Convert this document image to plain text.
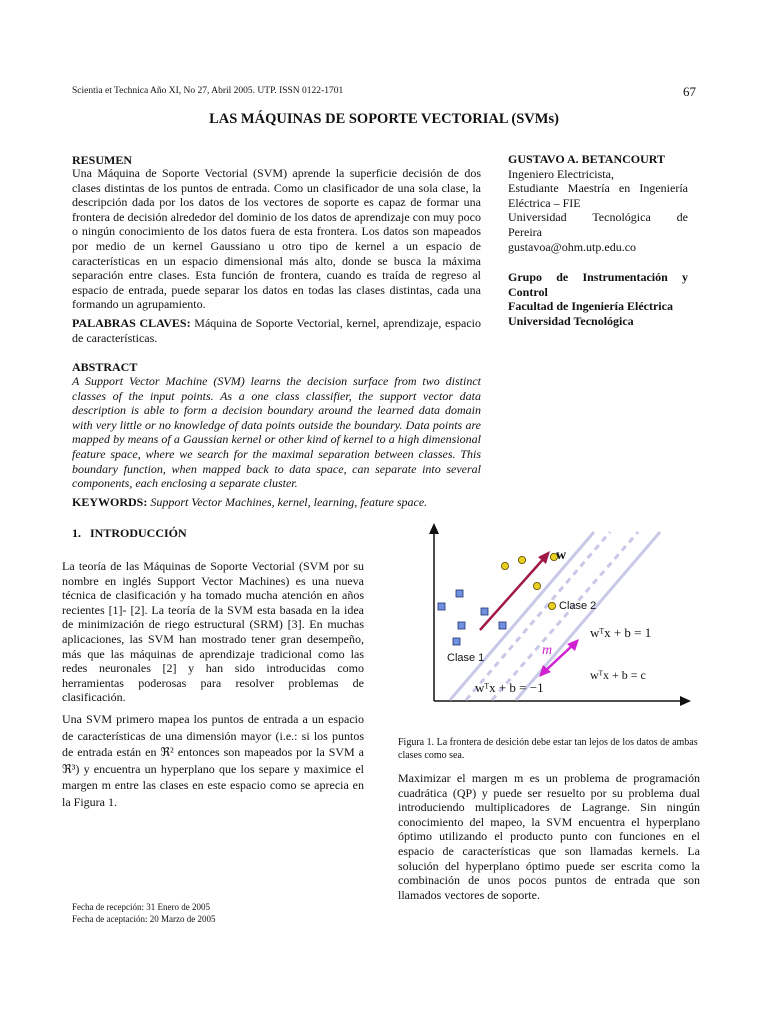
Scientia et Technica Año XI, No 27, Abril 2005. UTP. ISSN 0122-1701	67
LAS MÁQUINAS DE SOPORTE VECTORIAL (SVMs)
RESUMEN
Una Máquina de Soporte Vectorial (SVM) aprende la superficie decisión de dos clases distintas de los puntos de entrada. Como un clasificador de una sola clase, la descripción dada por los datos de los vectores de soporte es capaz de formar una frontera de decisión alrededor del dominio de los datos de aprendizaje con muy poco o ningún conocimiento de los datos fuera de esta frontera. Los datos son mapeados por medio de un kernel Gaussiano u otro tipo de kernel a un espacio de características en un espacio dimensional más alto, donde se busca la máxima separación entre clases. Esta función de frontera, cuando es traída de regreso al espacio de entrada, puede separar los datos en todas las clases distintas, cada una formando un agrupamiento.
PALABRAS CLAVES: Máquina de Soporte Vectorial, kernel, aprendizaje, espacio de características.
ABSTRACT
A Support Vector Machine (SVM) learns the decision surface from two distinct classes of the input points. As a one class classifier, the support vector data description is able to form a decision boundary around the learned data domain with very little or no knowledge of data points outside the boundary. Data points are mapped by means of a Gaussian kernel or other kind of kernel to a high dimensional feature space, where we search for the maximal separation between classes. This boundary function, when mapped back to data space, can separate into several components, each enclosing a separate cluster.
KEYWORDS: Support Vector Machines, kernel, learning, feature space.
GUSTAVO A. BETANCOURT
Ingeniero Electricista,
Estudiante Maestría en Ingeniería
Eléctrica – FIE
Universidad Tecnológica de
Pereira
gustavoa@ohm.utp.edu.co
Grupo de Instrumentación y
Control
Facultad de Ingeniería Eléctrica
Universidad Tecnológica
1.   INTRODUCCIÓN
La teoría de las Máquinas de Soporte Vectorial (SVM por su nombre en inglés Support Vector Machines) es una nueva técnica de clasificación y ha tomado mucha atención en años recientes [1]- [2]. La teoría de la SVM esta basada en la idea de minimización de riego estructural (SRM) [3]. En muchas aplicaciones, las SVM han mostrado tener gran desempeño, más que las máquinas de aprendizaje tradicional como las redes neuronales [2] y han sido introducidas como herramientas poderosas para resolver problemas de clasificación.
Una SVM primero mapea los puntos de entrada a un espacio de características de una dimensión mayor (i.e.: si los puntos de entrada están en ℜ² entonces son mapeados por la SVM a ℜ³) y encuentra un hyperplano que los separe y maximice el margen m entre las clases en este espacio como se aprecia en la Figura 1.
w
m
Clase 1
Clase 2
wᵀx + b = 1
wᵀx + b = c
wᵀx + b = −1
Figura 1. La frontera de desición debe estar tan lejos de los datos de ambas clases como sea.
Maximizar el margen m es un problema de programación cuadrática (QP) y puede ser resuelto por su problema dual introduciendo multiplicadores de Lagrange. Sin ningún conocimiento del mapeo, la SVM encuentra el hyperplano óptimo utilizando el producto punto con funciones en el espacio de características que son llamadas kernels. La solución del hyperplano óptimo puede ser escrita como la combinación de unos pocos puntos de entrada que son llamados vectores de soporte.
Fecha de recepción: 31 Enero de 2005
Fecha de aceptación: 20 Marzo de 2005
